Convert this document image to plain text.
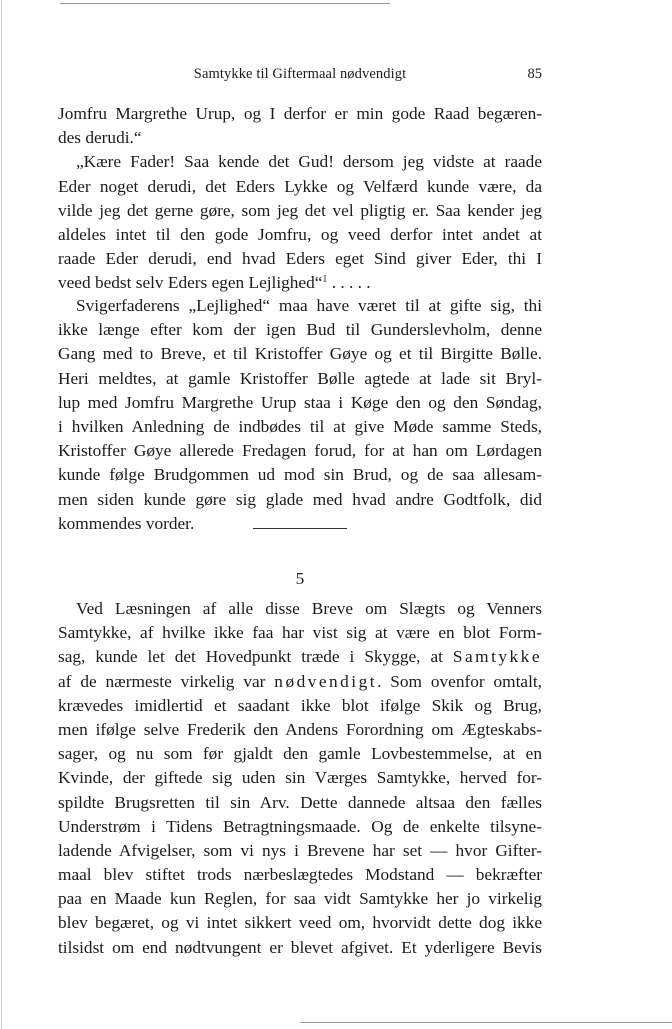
Samtykke til Giftermaal nødvendigt	85
Jomfru Margrethe Urup, og I derfor er min gode Raad begæren-
des derudi.“
„Kære Fader! Saa kende det Gud! dersom jeg vidste at raade
Eder noget derudi, det Eders Lykke og Velfærd kunde være, da
vilde jeg det gerne gøre, som jeg det vel pligtig er. Saa kender jeg
aldeles intet til den gode Jomfru, og veed derfor intet andet at
raade Eder derudi, end hvad Eders eget Sind giver Eder, thi I
veed bedst selv Eders egen Lejlighed“$^1$ . . . . .
Svigerfaderens „Lejlighed“ maa have været til at gifte sig, thi
ikke længe efter kom der igen Bud til Gunderslevholm, denne
Gang med to Breve, et til Kristoffer Gøye og et til Birgitte Bølle.
Heri meldtes, at gamle Kristoffer Bølle agtede at lade sit Bryl-
lup med Jomfru Margrethe Urup staa i Køge den og den Søndag,
i hvilken Anledning de indbødes til at give Møde samme Steds,
Kristoffer Gøye allerede Fredagen forud, for at han om Lørdagen
kunde følge Brudgommen ud mod sin Brud, og de saa allesam-
men siden kunde gøre sig glade med hvad andre Godtfolk, did
kommendes vorder.
5
Ved Læsningen af alle disse Breve om Slægts og Venners
Samtykke, af hvilke ikke faa har vist sig at være en blot Form-
sag, kunde let det Hovedpunkt træde i Skygge, at Samtykke
af de nærmeste virkelig var nødvendigt. Som ovenfor omtalt,
krævedes imidlertid et saadant ikke blot ifølge Skik og Brug,
men ifølge selve Frederik den Andens Forordning om Ægteskabs-
sager, og nu som før gjaldt den gamle Lovbestemmelse, at en
Kvinde, der giftede sig uden sin Værges Samtykke, herved for-
spildte Brugsretten til sin Arv. Dette dannede altsaa den fælles
Understrøm i Tidens Betragtningsmaade. Og de enkelte tilsyne-
ladende Afvigelser, som vi nys i Brevene har set — hvor Gifter-
maal blev stiftet trods nærbeslægtedes Modstand — bekræfter
paa en Maade kun Reglen, for saa vidt Samtykke her jo virkelig
blev begæret, og vi intet sikkert veed om, hvorvidt dette dog ikke
tilsidst om end nødtvungent er blevet afgivet. Et yderligere Bevis
